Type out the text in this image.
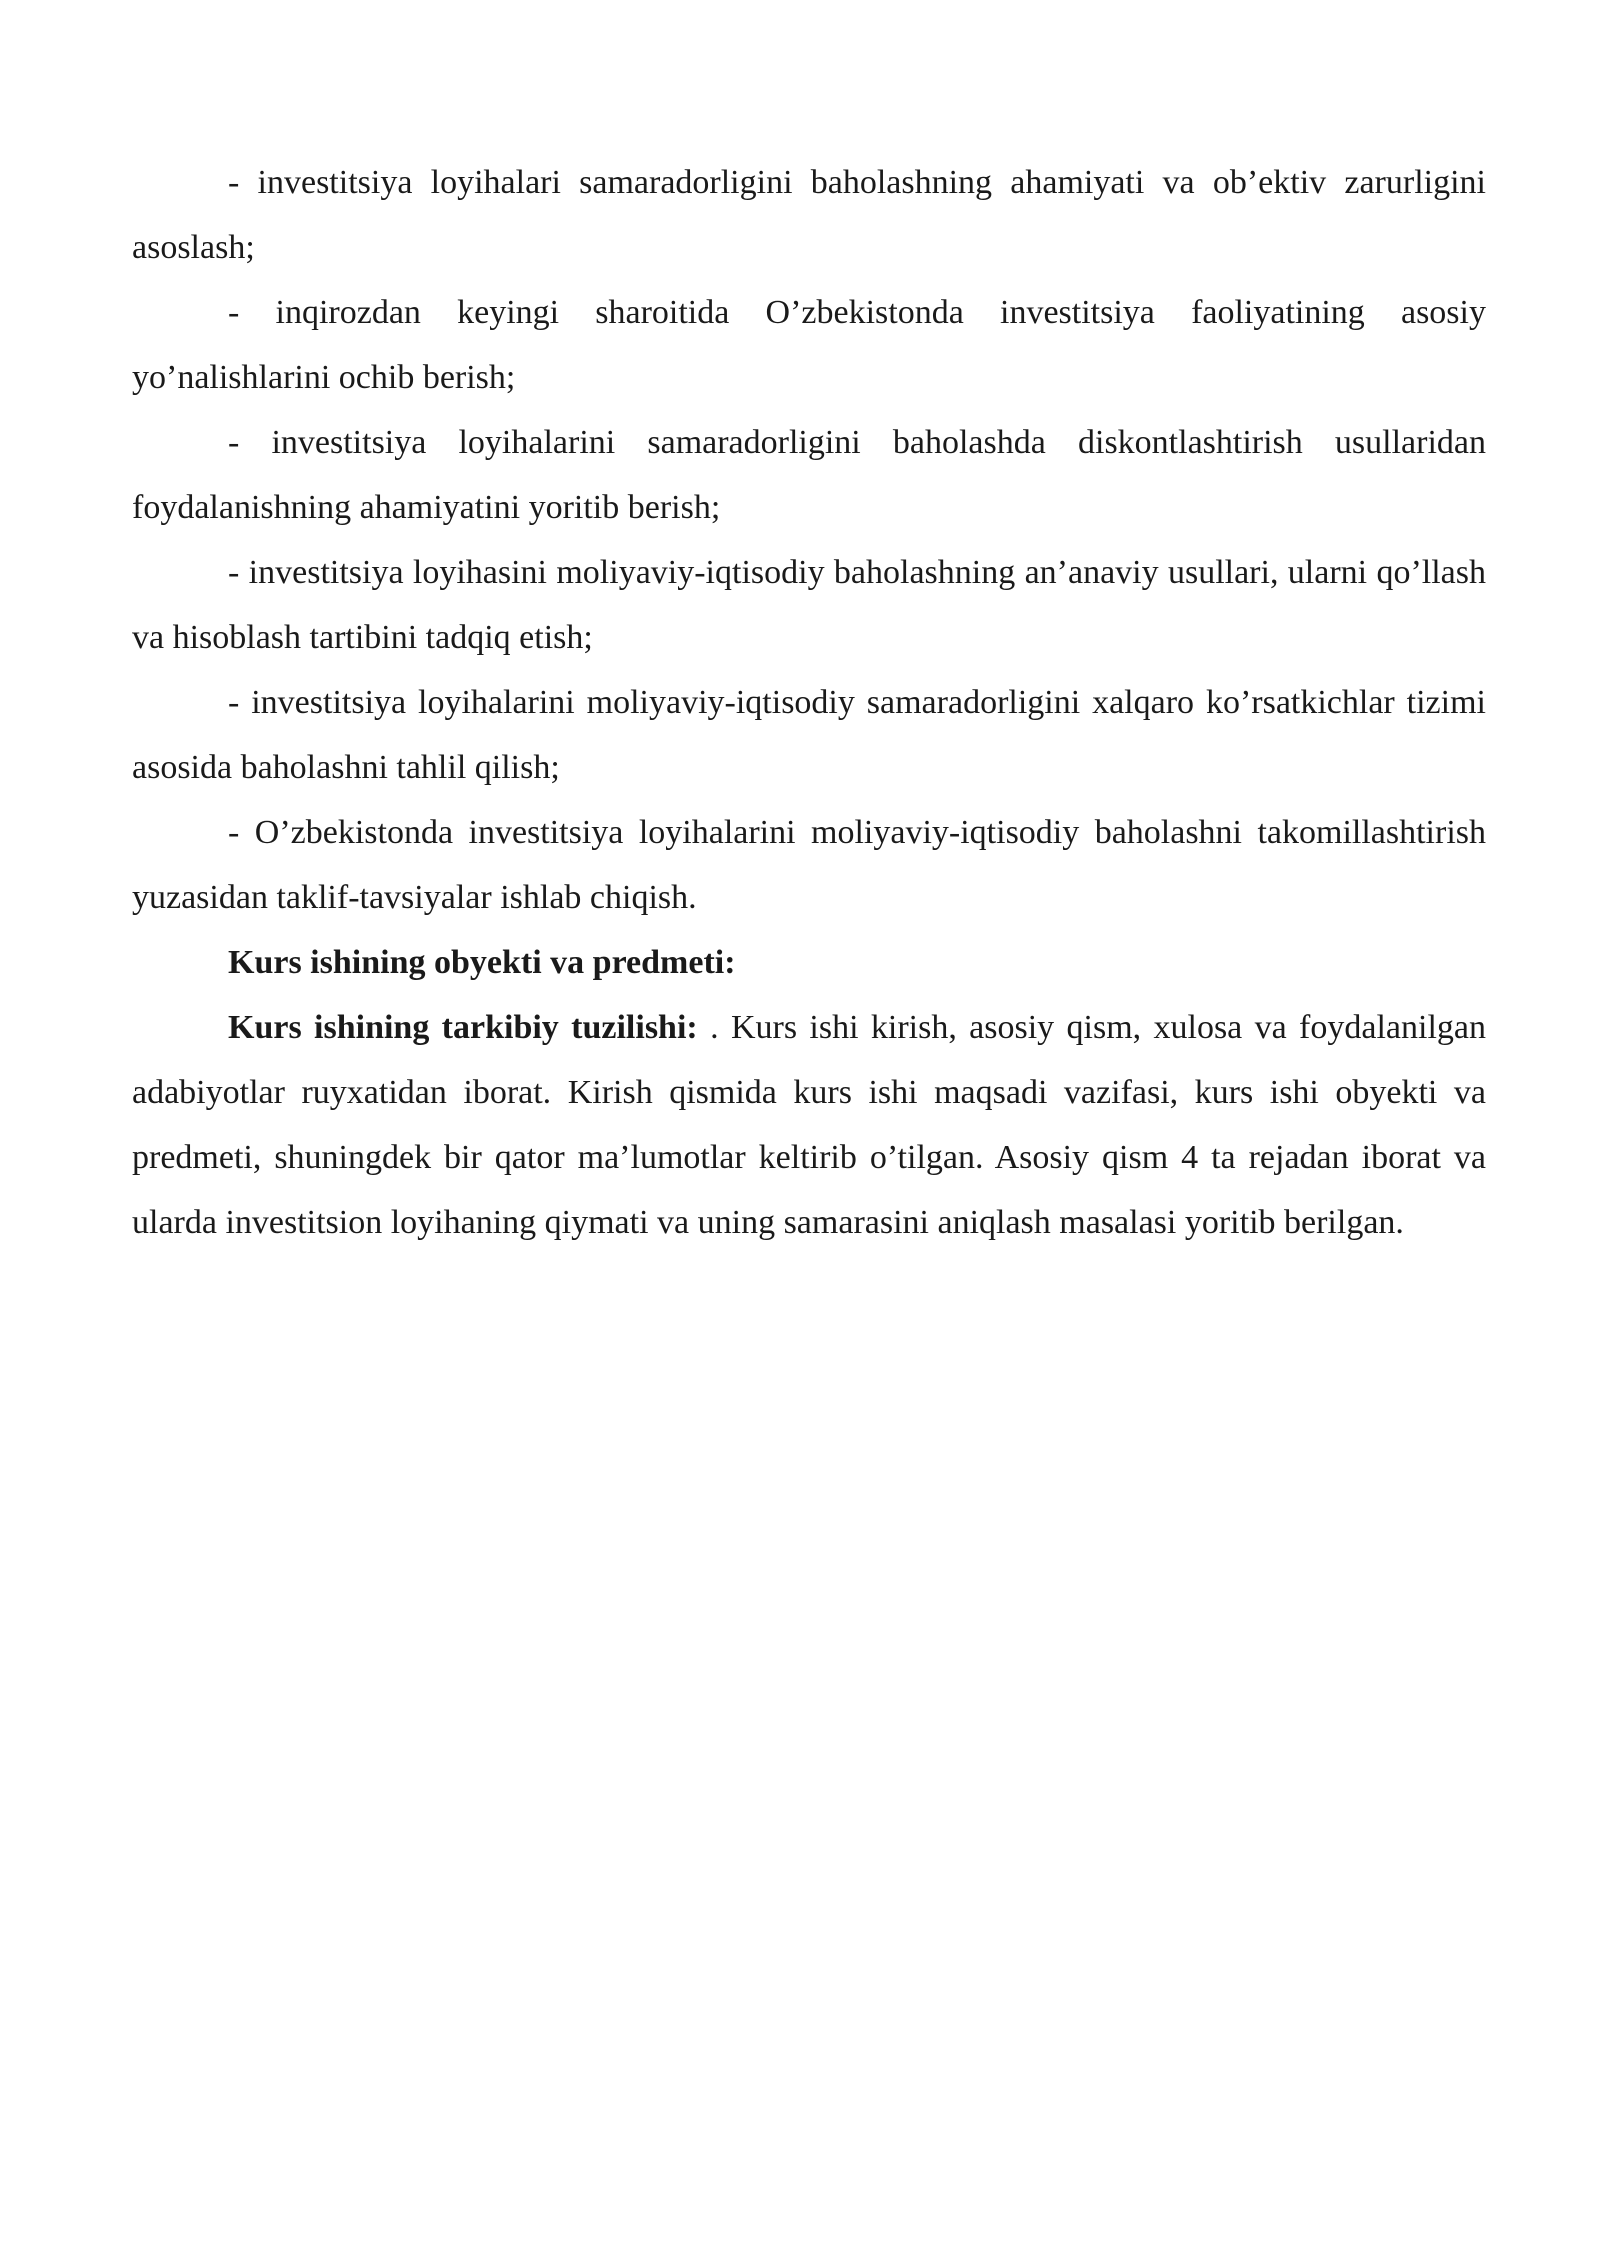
- investitsiya loyihalari samaradorligini baholashning ahamiyati va ob’ektiv zarurligini asoslash;

- inqirozdan keyingi sharoitida O’zbekistonda investitsiya faoliyatining asosiy yo’nalishlarini ochib berish;

- investitsiya loyihalarini samaradorligini baholashda diskontlashtirish usullaridan foydalanishning ahamiyatini yoritib berish;

- investitsiya loyihasini moliyaviy-iqtisodiy baholashning an’anaviy usullari, ularni qo’llash va hisoblash tartibini tadqiq etish;

- investitsiya loyihalarini moliyaviy-iqtisodiy samaradorligini xalqaro ko’rsatkichlar tizimi asosida baholashni tahlil qilish;

- O’zbekistonda investitsiya loyihalarini moliyaviy-iqtisodiy baholashni takomillashtirish yuzasidan taklif-tavsiyalar ishlab chiqish.

Kurs ishining obyekti va predmeti:

Kurs ishining tarkibiy tuzilishi: . Kurs ishi kirish, asosiy qism, xulosa va foydalanilgan adabiyotlar ruyxatidan iborat. Kirish qismida kurs ishi maqsadi vazifasi, kurs ishi obyekti va predmeti, shuningdek bir qator ma’lumotlar keltirib o’tilgan. Asosiy qism 4 ta rejadan iborat va ularda investitsion loyihaning qiymati va uning samarasini aniqlash masalasi yoritib berilgan.
